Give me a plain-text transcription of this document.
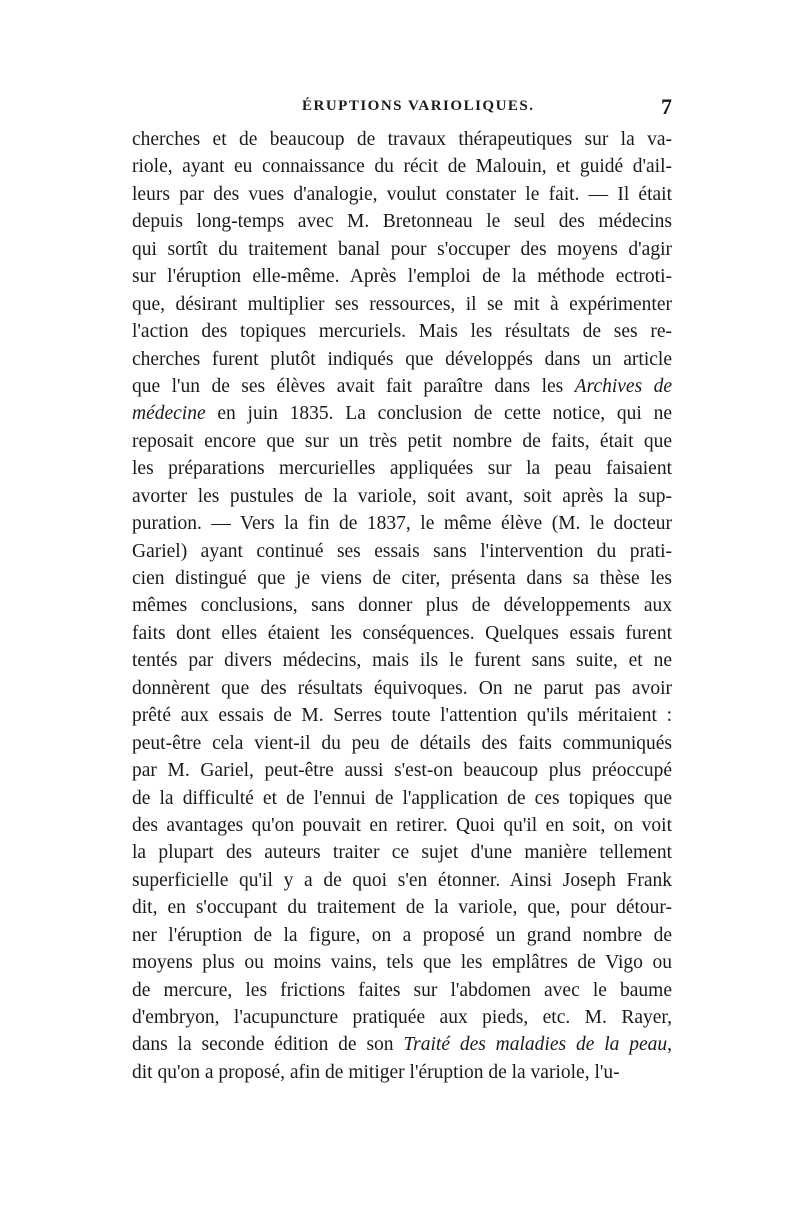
ÉRUPTIONS VARIOLIQUES.	7
cherches et de beaucoup de travaux thérapeutiques sur la va-
riole, ayant eu connaissance du récit de Malouin, et guidé d'ail-
leurs par des vues d'analogie, voulut constater le fait. — Il était
depuis long-temps avec M. Bretonneau le seul des médecins
qui sortît du traitement banal pour s'occuper des moyens d'agir
sur l'éruption elle-même. Après l'emploi de la méthode ectroti-
que, désirant multiplier ses ressources, il se mit à expérimenter
l'action des topiques mercuriels. Mais les résultats de ses re-
cherches furent plutôt indiqués que développés dans un article
que l'un de ses élèves avait fait paraître dans les Archives de
médecine en juin 1835. La conclusion de cette notice, qui ne
reposait encore que sur un très petit nombre de faits, était que
les préparations mercurielles appliquées sur la peau faisaient
avorter les pustules de la variole, soit avant, soit après la sup-
puration. — Vers la fin de 1837, le même élève (M. le docteur
Gariel) ayant continué ses essais sans l'intervention du prati-
cien distingué que je viens de citer, présenta dans sa thèse les
mêmes conclusions, sans donner plus de développements aux
faits dont elles étaient les conséquences. Quelques essais furent
tentés par divers médecins, mais ils le furent sans suite, et ne
donnèrent que des résultats équivoques. On ne parut pas avoir
prêté aux essais de M. Serres toute l'attention qu'ils méritaient :
peut-être cela vient-il du peu de détails des faits communiqués
par M. Gariel, peut-être aussi s'est-on beaucoup plus préoccupé
de la difficulté et de l'ennui de l'application de ces topiques que
des avantages qu'on pouvait en retirer. Quoi qu'il en soit, on voit
la plupart des auteurs traiter ce sujet d'une manière tellement
superficielle qu'il y a de quoi s'en étonner. Ainsi Joseph Frank
dit, en s'occupant du traitement de la variole, que, pour détour-
ner l'éruption de la figure, on a proposé un grand nombre de
moyens plus ou moins vains, tels que les emplâtres de Vigo ou
de mercure, les frictions faites sur l'abdomen avec le baume
d'embryon, l'acupuncture pratiquée aux pieds, etc. M. Rayer,
dans la seconde édition de son Traité des maladies de la peau,
dit qu'on a proposé, afin de mitiger l'éruption de la variole, l'u-
